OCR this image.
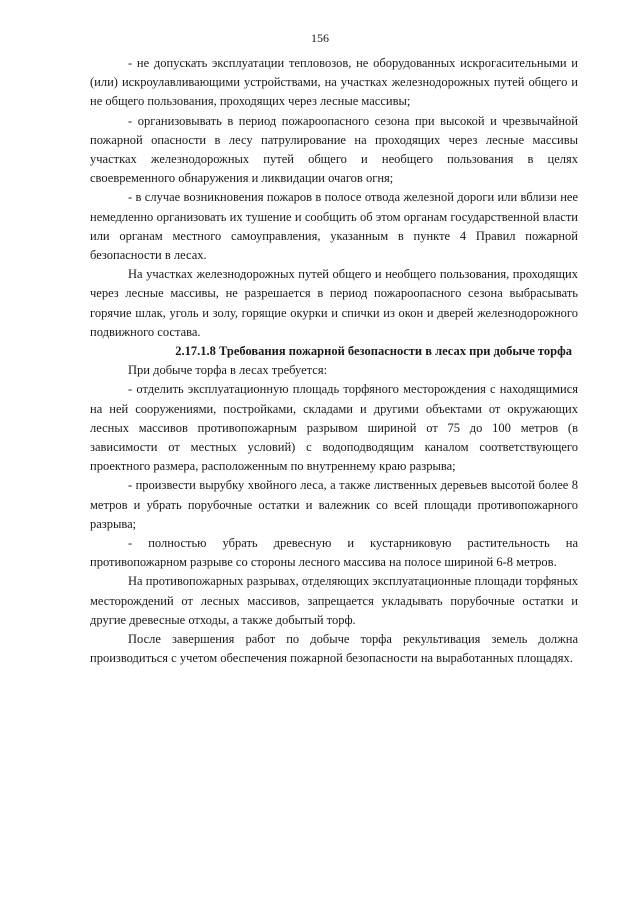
156

- не допускать эксплуатации тепловозов, не оборудованных искрогасительными и (или) искроулавливающими устройствами, на участках железнодорожных путей общего и не общего пользования, проходящих через лесные массивы;

- организовывать в период пожароопасного сезона при высокой и чрезвычайной пожарной опасности в лесу патрулирование на проходящих через лесные массивы участках железнодорожных путей общего и необщего пользования в целях своевременного обнаружения и ликвидации очагов огня;

- в случае возникновения пожаров в полосе отвода железной дороги или вблизи нее немедленно организовать их тушение и сообщить об этом органам государственной власти или органам местного самоуправления, указанным в пункте 4 Правил пожарной безопасности в лесах.

На участках железнодорожных путей общего и необщего пользования, проходящих через лесные массивы, не разрешается в период пожароопасного сезона выбрасывать горячие шлак, уголь и золу, горящие окурки и спички из окон и дверей железнодорожного подвижного состава.

2.17.1.8 Требования пожарной безопасности в лесах при добыче торфа

При добыче торфа в лесах требуется:

- отделить эксплуатационную площадь торфяного месторождения с находящимися на ней сооружениями, постройками, складами и другими объектами от окружающих лесных массивов противопожарным разрывом шириной от 75 до 100 метров (в зависимости от местных условий) с водоподводящим каналом соответствующего проектного размера, расположенным по внутреннему краю разрыва;

- произвести вырубку хвойного леса, а также лиственных деревьев высотой более 8 метров и убрать порубочные остатки и валежник со всей площади противопожарного разрыва;

- полностью убрать древесную и кустарниковую растительность на противопожарном разрыве со стороны лесного массива на полосе шириной 6-8 метров.

На противопожарных разрывах, отделяющих эксплуатационные площади торфяных месторождений от лесных массивов, запрещается укладывать порубочные остатки и другие древесные отходы, а также добытый торф.

После завершения работ по добыче торфа рекультивация земель должна производиться с учетом обеспечения пожарной безопасности на выработанных площадях.
